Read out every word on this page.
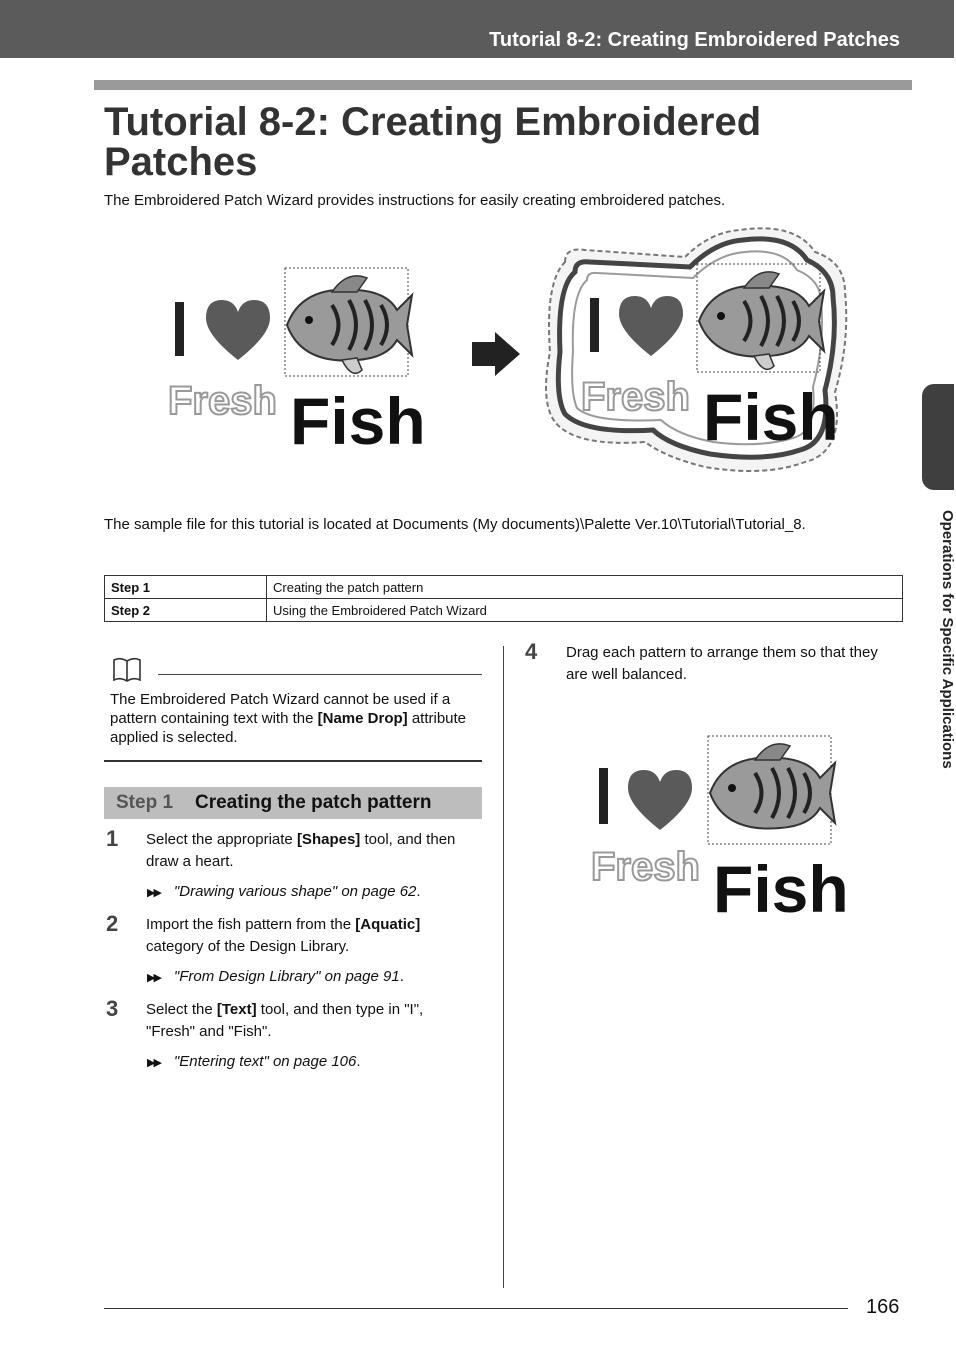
Tutorial 8-2: Creating Embroidered Patches
Tutorial 8-2: Creating Embroidered Patches
The Embroidered Patch Wizard provides instructions for easily creating embroidered patches.
Fresh Fish	Fresh Fish
The sample file for this tutorial is located at Documents (My documents)\Palette Ver.10\Tutorial\Tutorial_8.
Step 1	Creating the patch pattern
Step 2	Using the Embroidered Patch Wizard
The Embroidered Patch Wizard cannot be used if a pattern containing text with the [Name Drop] attribute applied is selected.
Step 1 Creating the patch pattern
1 Select the appropriate [Shapes] tool, and then draw a heart.
▶▶ "Drawing various shape" on page 62.
2 Import the fish pattern from the [Aquatic] category of the Design Library.
▶▶ "From Design Library" on page 91.
3 Select the [Text] tool, and then type in "I", "Fresh" and "Fish".
▶▶ "Entering text" on page 106.
4 Drag each pattern to arrange them so that they are well balanced.
Fresh Fish
Operations for Specific Applications
166
